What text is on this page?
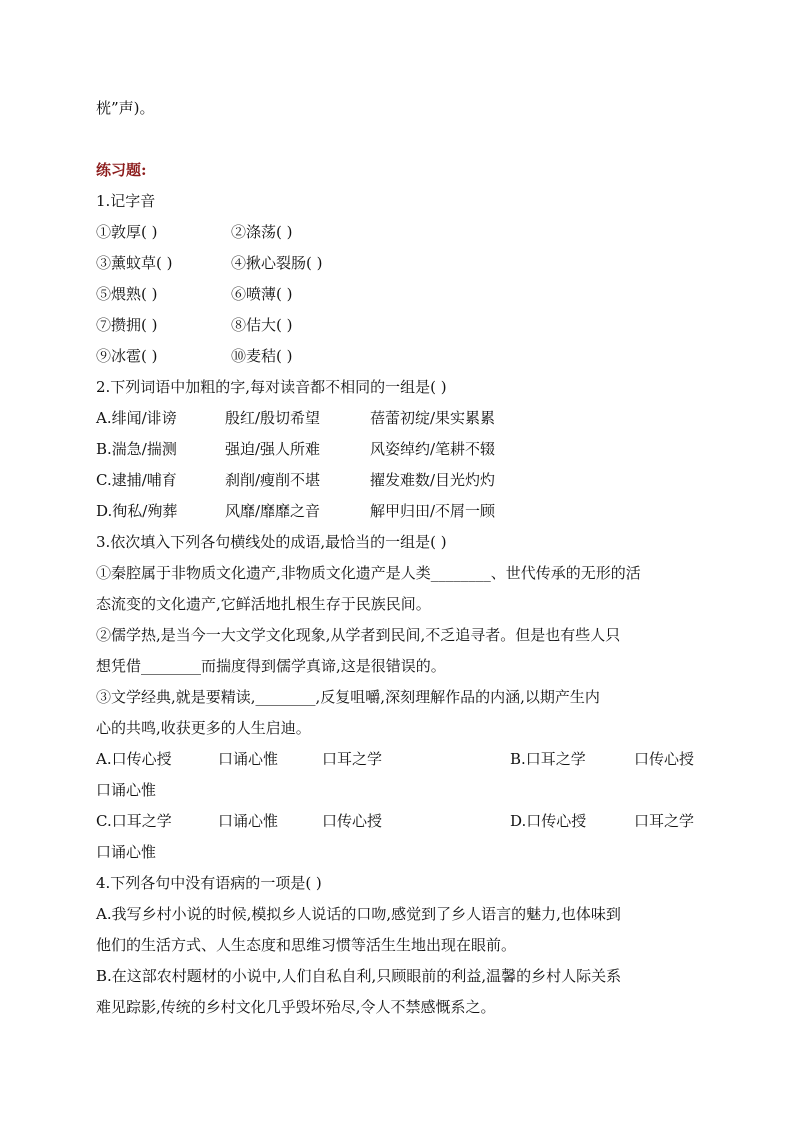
桄”声)。
练习题:
1.记字音
①敦厚( )	②涤荡( )
③薰蚊草( )	④揪心裂肠( )
⑤煨熟( )	⑥喷薄( )
⑦攒拥( )	⑧佶大( )
⑨冰雹( )	⑩麦秸( )
2.下列词语中加粗的字,每对读音都不相同的一组是( )
A.绯闻/诽谤	殷红/殷切希望	蓓蕾初绽/果实累累
B.湍急/揣测	强迫/强人所难	风姿绰约/笔耕不辍
C.逮捕/哺育	刹削/瘦削不堪	擢发难数/目光灼灼
D.徇私/殉葬	风靡/靡靡之音	解甲归田/不屑一顾
3.依次填入下列各句横线处的成语,最恰当的一组是( )
①秦腔属于非物质文化遗产,非物质文化遗产是人类________、世代传承的无形的活
态流变的文化遗产,它鲜活地扎根生存于民族民间。
②儒学热,是当今一大文学文化现象,从学者到民间,不乏追寻者。但是也有些人只
想凭借________而揣度得到儒学真谛,这是很错误的。
③文学经典,就是要精读,________,反复咀嚼,深刻理解作品的内涵,以期产生内
心的共鸣,收获更多的人生启迪。
A.口传心授	口诵心惟	口耳之学	B.口耳之学	口传心授
口诵心惟
C.口耳之学	口诵心惟	口传心授	D.口传心授	口耳之学
口诵心惟
4.下列各句中没有语病的一项是( )
A.我写乡村小说的时候,模拟乡人说话的口吻,感觉到了乡人语言的魅力,也体味到
他们的生活方式、人生态度和思维习惯等活生生地出现在眼前。
B.在这部农村题材的小说中,人们自私自利,只顾眼前的利益,温馨的乡村人际关系
难见踪影,传统的乡村文化几乎毁坏殆尽,令人不禁感慨系之。
